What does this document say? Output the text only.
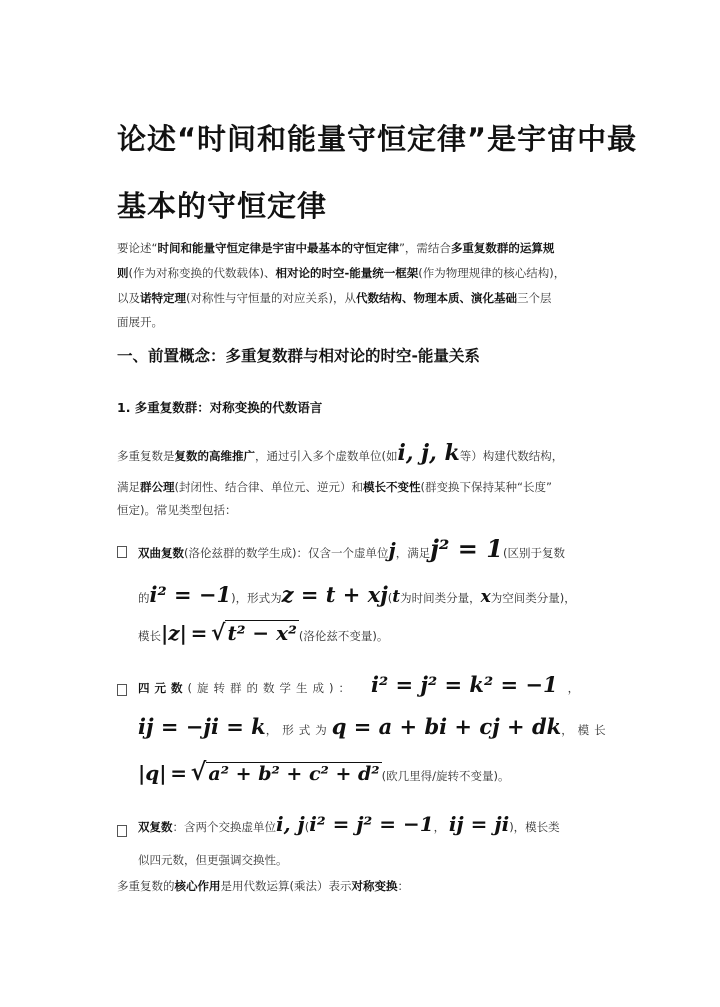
论述“时间和能量守恒定律”是宇宙中最
基本的守恒定律
要论述“时间和能量守恒定律是宇宙中最基本的守恒定律”，需结合多重复数群的运算规
则(作为对称变换的代数载体)、相对论的时空-能量统一框架(作为物理规律的核心结构)，
以及诺特定理(对称性与守恒量的对应关系)，从代数结构、物理本质、演化基础三个层
面展开。
一、前置概念：多重复数群与相对论的时空-能量关系
1. 多重复数群：对称变换的代数语言
多重复数是复数的高维推广，通过引入多个虚数单位(如i, j, k等）构建代数结构，
满足群公理(封闭性、结合律、单位元、逆元）和模长不变性(群变换下保持某种“长度”
恒定)。常见类型包括：
双曲复数(洛伦兹群的数学生成)：仅含一个虚单位j，满足j² = 1(区别于复数
的i² = −1)，形式为z = t + xj(t为时间类分量，x为空间类分量)，
模长|z| = √ t² − x² (洛伦兹不变量)。
四元数(旋转群的数学生成)： i² = j² = k² = −1 ，
ij = −ji = k，形式为q = a + bi + cj + dk，模长
|q| = √ a² + b² + c² + d² (欧几里得/旋转不变量)。
双复数：含两个交换虚单位i, j(i² = j² = −1， ij = ji)，模长类
似四元数，但更强调交换性。
多重复数的核心作用是用代数运算(乘法）表示对称变换：
